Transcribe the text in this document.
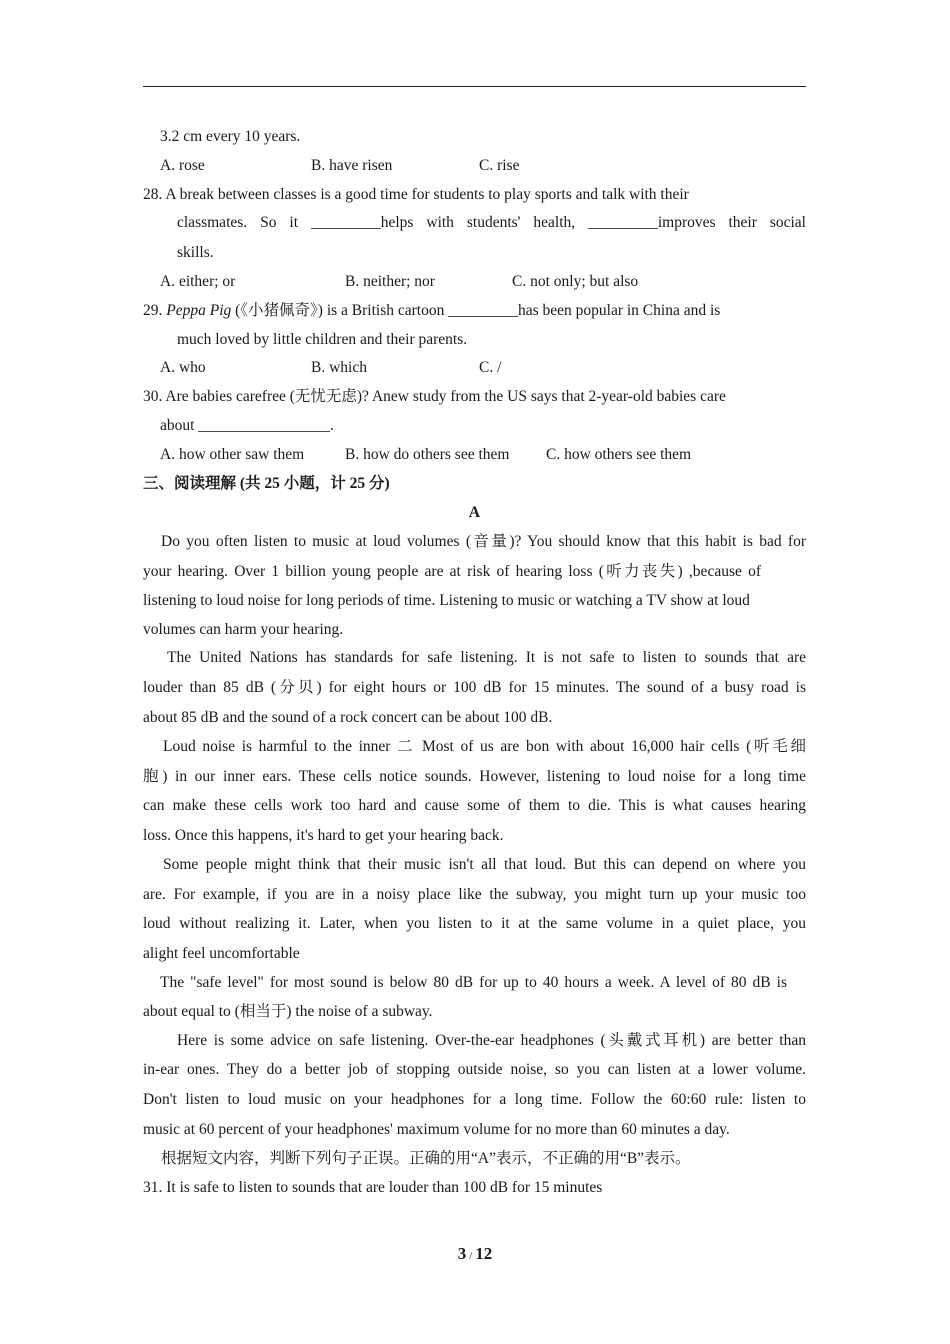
3.2 cm every 10 years.
A. rose	B. have risen	C. rise
28. A break between classes is a good time for students to play sports and talk with their
classmates. So it _________helps with students' health, _________improves their social
skills.
A. either; or	B. neither; nor	C. not only; but also
29. Peppa Pig (《小猪佩奇》) is a British cartoon _________has been popular in China and is
much loved by little children and their parents.
A. who	B. which	C. /
30. Are babies carefree (无忧无虑)? Anew study from the US says that 2-year-old babies care
about _________________.
A. how other saw them	B. how do others see them C. how others see them
三、阅读理解 (共 25 小题，计 25 分)
A
Do you often listen to music at loud volumes (音量)? You should know that this habit is bad for
your hearing. Over 1 billion young people are at risk of hearing loss (听力丧失) ,because of
listening to loud noise for long periods of time. Listening to music or watching a TV show at loud
volumes can harm your hearing.
The United Nations has standards for safe listening. It is not safe to listen to sounds that are
louder than 85 dB (分贝) for eight hours or 100 dB for 15 minutes. The sound of a busy road is
about 85 dB and the sound of a rock concert can be about 100 dB.
Loud noise is harmful to the inner 二 Most of us are bon with about 16,000 hair cells (听毛细
胞) in our inner ears. These cells notice sounds. However, listening to loud noise for a long time
can make these cells work too hard and cause some of them to die. This is what causes hearing
loss. Once this happens, it's hard to get your hearing back.
Some people might think that their music isn't all that loud. But this can depend on where you
are. For example, if you are in a noisy place like the subway, you might turn up your music too
loud without realizing it. Later, when you listen to it at the same volume in a quiet place, you
alight feel uncomfortable
The "safe level" for most sound is below 80 dB for up to 40 hours a week. A level of 80 dB is
about equal to (相当于) the noise of a subway.
Here is some advice on safe listening. Over-the-ear headphones (头戴式耳机) are better than
in-ear ones. They do a better job of stopping outside noise, so you can listen at a lower volume.
Don't listen to loud music on your headphones for a long time. Follow the 60:60 rule: listen to
music at 60 percent of your headphones' maximum volume for no more than 60 minutes a day.
根据短文内容，判断下列句子正误。正确的用“A”表示，不正确的用“B”表示。
31. It is safe to listen to sounds that are louder than 100 dB for 15 minutes
3 / 12
